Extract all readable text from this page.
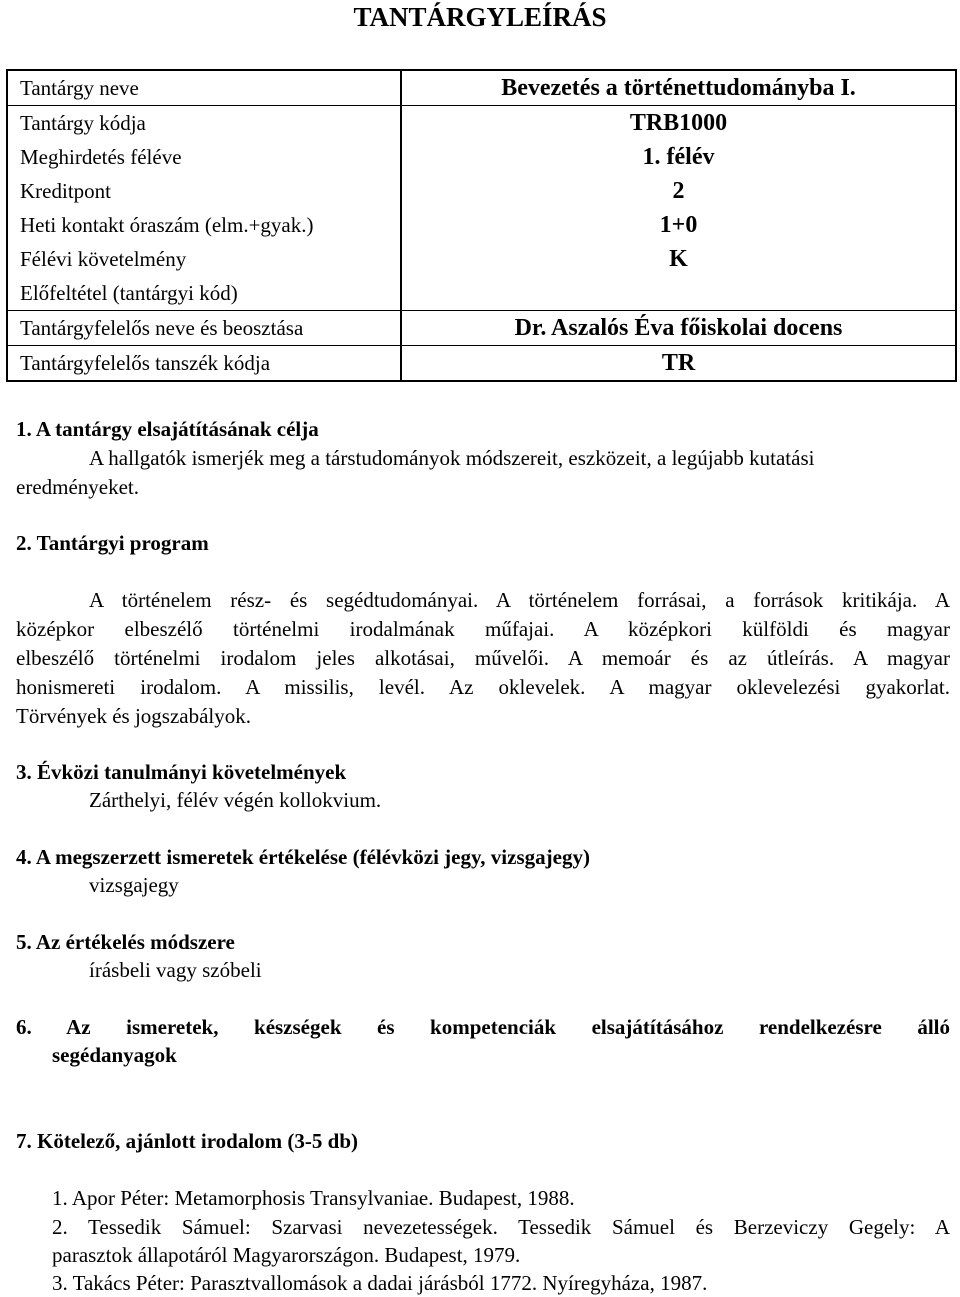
TANTÁRGYLEÍRÁS
Tantárgy neve	Bevezetés a történettudományba I.
Tantárgy kódja	TRB1000
Meghirdetés féléve	1. félév
Kreditpont	2
Heti kontakt óraszám (elm.+gyak.)	1+0
Félévi követelmény	K
Előfeltétel (tantárgyi kód)	
Tantárgyfelelős neve és beosztása	Dr. Aszalós Éva főiskolai docens
Tantárgyfelelős tanszék kódja	TR
1. A tantárgy elsajátításának célja
A hallgatók ismerjék meg a társtudományok módszereit, eszközeit, a legújabb kutatási
eredményeket.
2. Tantárgyi program
A történelem rész- és segédtudományai. A történelem forrásai, a források kritikája. A
középkor elbeszélő történelmi irodalmának műfajai. A középkori külföldi és magyar
elbeszélő történelmi irodalom jeles alkotásai, művelői. A memoár és az útleírás. A magyar
honismereti irodalom. A missilis, levél. Az oklevelek. A magyar oklevelezési gyakorlat.
Törvények és jogszabályok.
3. Évközi tanulmányi követelmények
Zárthelyi, félév végén kollokvium.
4. A megszerzett ismeretek értékelése (félévközi jegy, vizsgajegy)
vizsgajegy
5. Az értékelés módszere
írásbeli vagy szóbeli
6. Az ismeretek, készségek és kompetenciák elsajátításához rendelkezésre álló
segédanyagok
7. Kötelező, ajánlott irodalom (3-5 db)
1. Apor Péter: Metamorphosis Transylvaniae. Budapest, 1988.
2. Tessedik Sámuel: Szarvasi nevezetességek. Tessedik Sámuel és Berzeviczy Gegely: A
parasztok állapotáról Magyarországon. Budapest, 1979.
3. Takács Péter: Parasztvallomások a dadai járásból 1772. Nyíregyháza, 1987.
